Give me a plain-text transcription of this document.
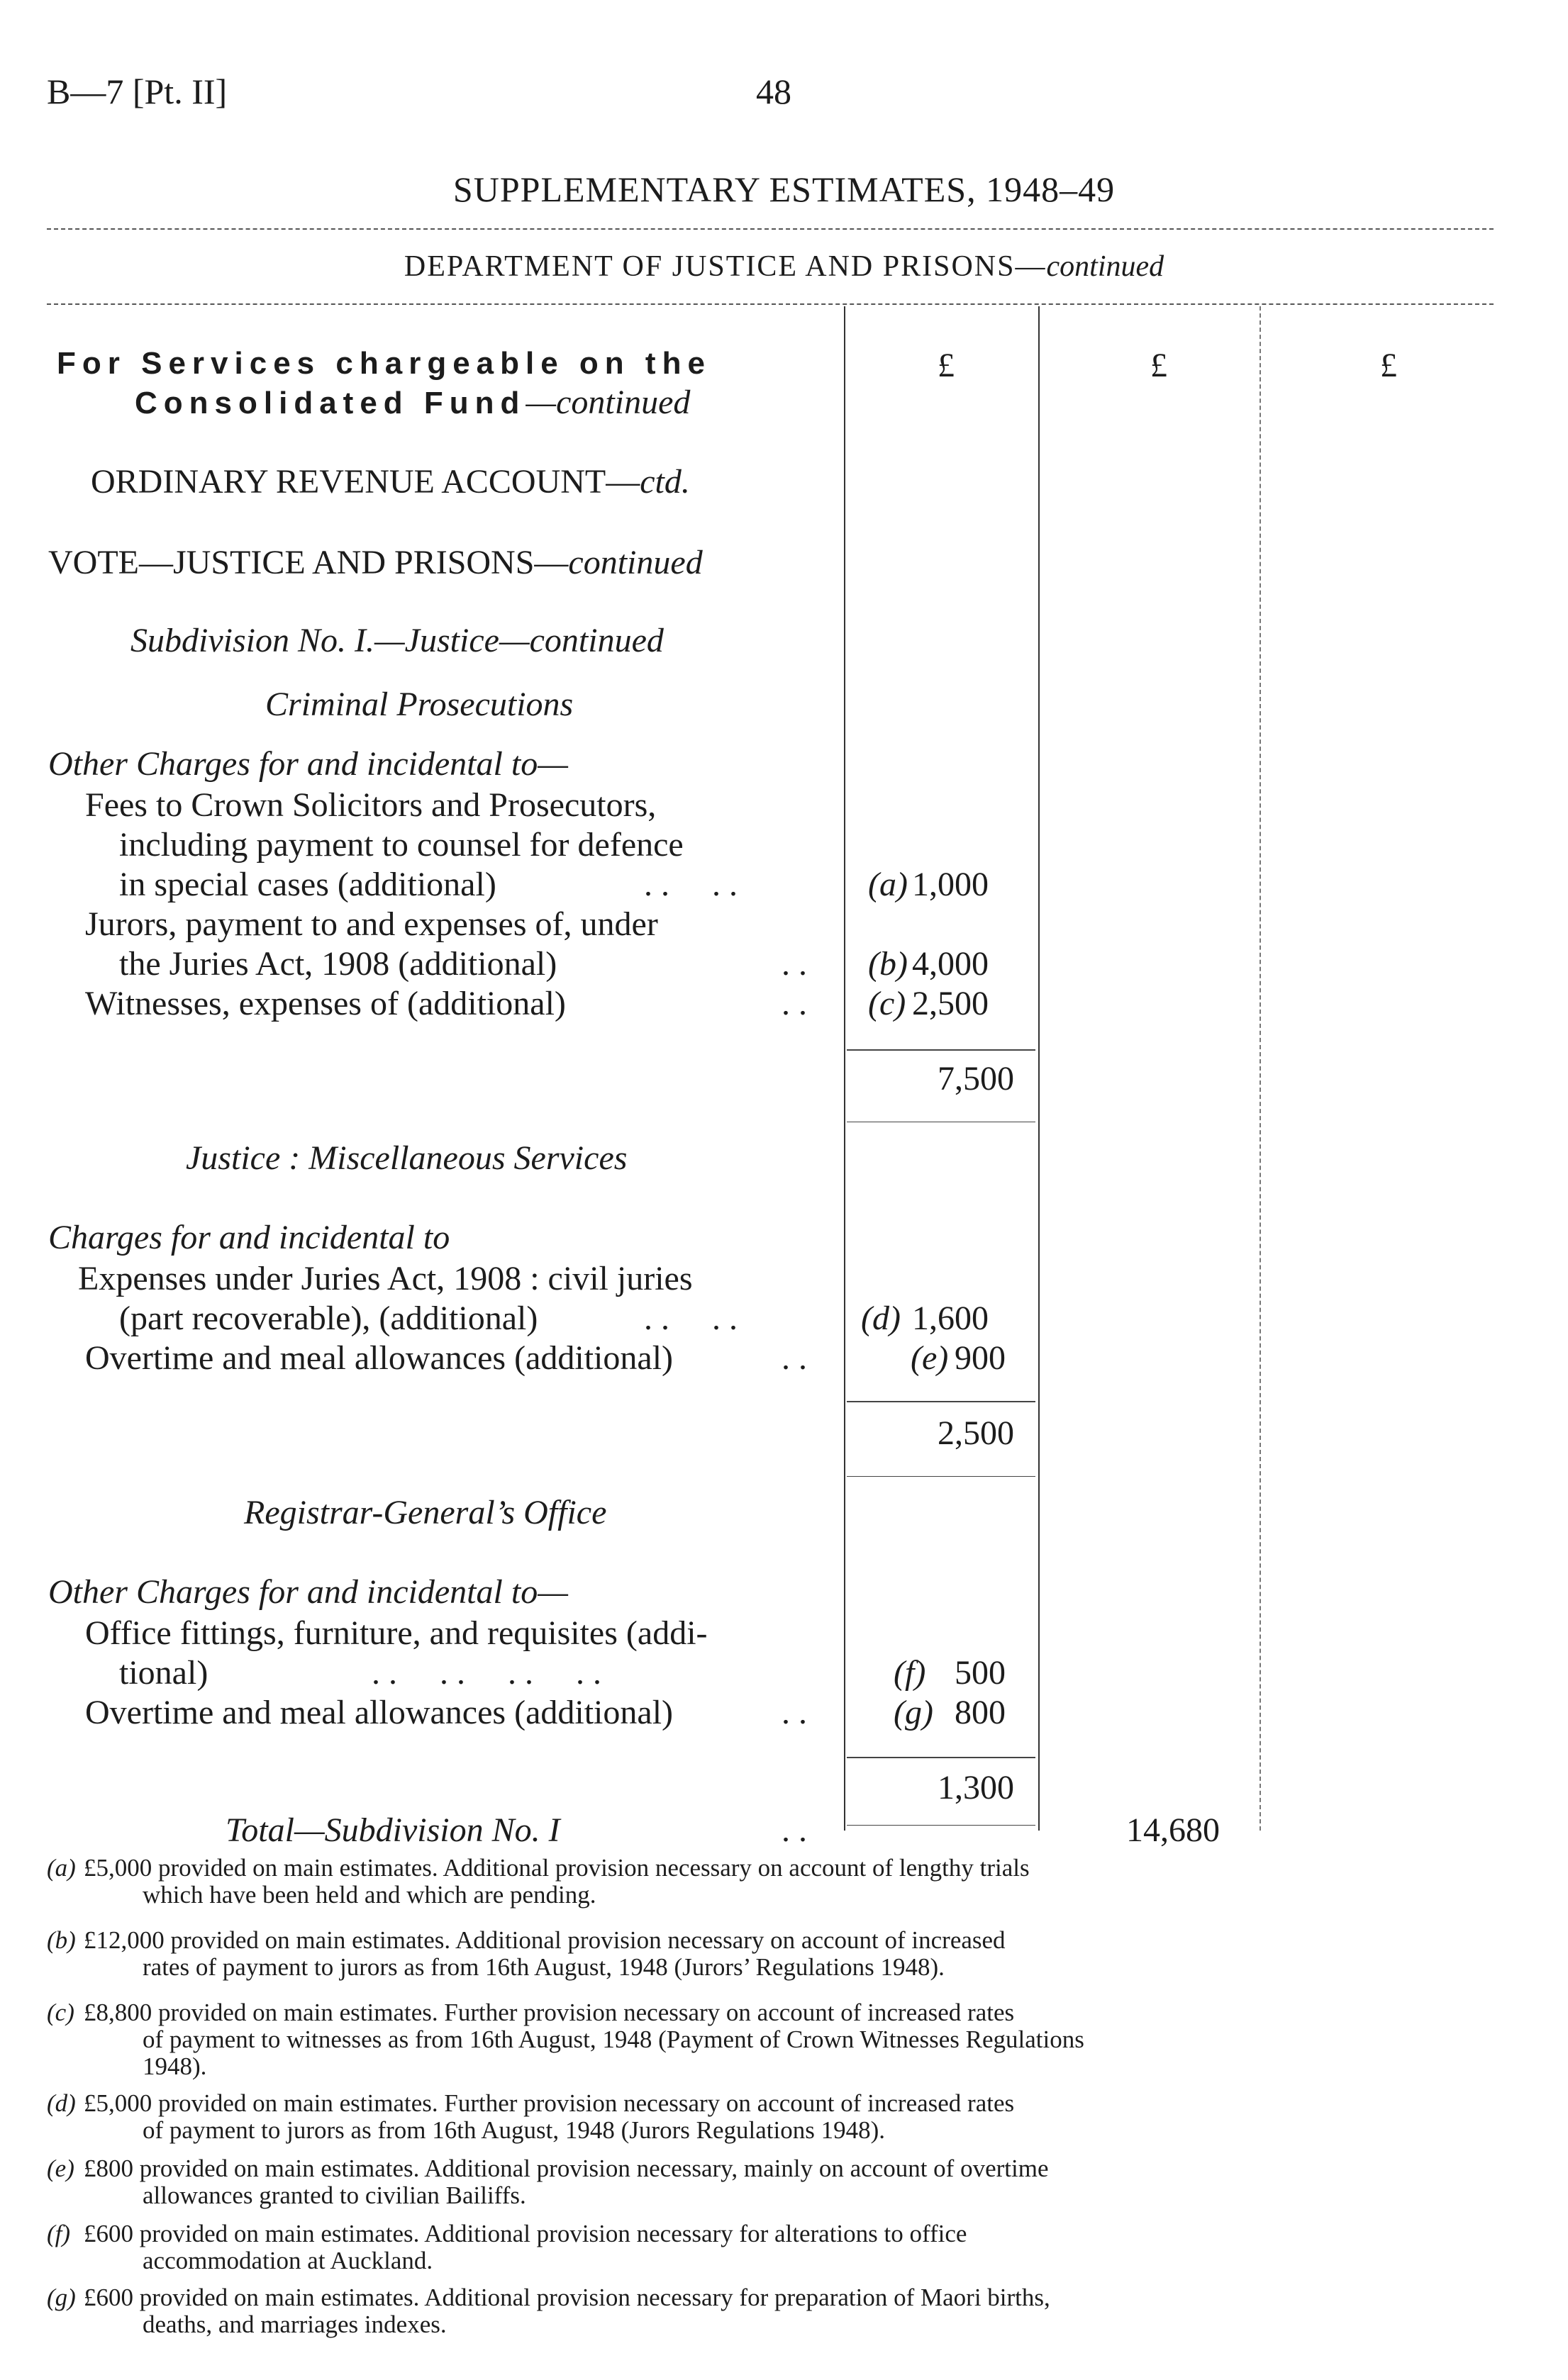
B—7 [Pt. II]	48
SUPPLEMENTARY ESTIMATES, 1948–49
DEPARTMENT OF JUSTICE AND PRISONS—continued
For Services chargeable on the
Consolidated Fund—continued
£	£	£
ORDINARY REVENUE ACCOUNT—ctd.
VOTE—JUSTICE AND PRISONS—continued
Subdivision No. I.—Justice—continued
Criminal Prosecutions
Other Charges for and incidental to—
Fees to Crown Solicitors and Prosecutors,
including payment to counsel for defence
in special cases (additional)	. .     . .	(a) 1,000
Jurors, payment to and expenses of, under
the Juries Act, 1908 (additional)	. . (b) 4,000
Witnesses, expenses of (additional)	. . (c) 2,500
7,500
Justice : Miscellaneous Services
Charges for and incidental to
Expenses under Juries Act, 1908 : civil juries
(part recoverable), (additional)	. .     . .	(d) 1,600
Overtime and meal allowances (additional)	. .	(e) 900
2,500
Registrar-General’s Office
Other Charges for and incidental to—
Office fittings, furniture, and requisites (addi-
tional)	. .     . .     . .     . .	(f) 500
Overtime and meal allowances (additional)	. .	(g) 800
1,300
Total—Subdivision No. I	. .	14,680
(a) £5,000 provided on main estimates. Additional provision necessary on account of lengthy trials
which have been held and which are pending.
(b) £12,000 provided on main estimates. Additional provision necessary on account of increased
rates of payment to jurors as from 16th August, 1948 (Jurors’ Regulations 1948).
(c) £8,800 provided on main estimates. Further provision necessary on account of increased rates
of payment to witnesses as from 16th August, 1948 (Payment of Crown Witnesses Regulations
1948).
(d) £5,000 provided on main estimates. Further provision necessary on account of increased rates
of payment to jurors as from 16th August, 1948 (Jurors Regulations 1948).
(e) £800 provided on main estimates. Additional provision necessary, mainly on account of overtime
allowances granted to civilian Bailiffs.
(f) £600 provided on main estimates. Additional provision necessary for alterations to office
accommodation at Auckland.
(g) £600 provided on main estimates. Additional provision necessary for preparation of Maori births,
deaths, and marriages indexes.
